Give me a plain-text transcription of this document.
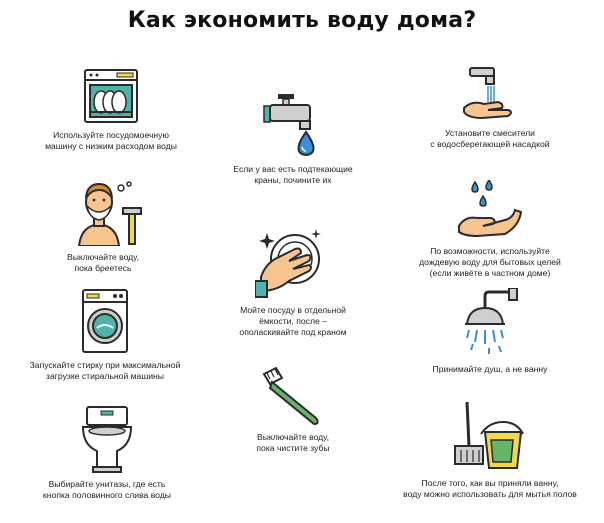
Как экономить воду дома?
Используйте посудомоечную
машину с низким расходом воды
Если у вас есть подтекающие
краны, почините их
Установите смесители
с водосберегающей насадкой
Выключайте воду,
пока бреетесь
Мойте посуду в отдельной
ёмкости, после –
ополаскивайте под краном
По возможности, используйте
дождевую воду для бытовых целей
(если живёте в частном доме)
Запускайте стирку при максимальной
загрузке стиральной машины
Выключайте воду,
пока чистите зубы
Принимайте душ, а не ванну
Выбирайте унитазы, где есть
кнопка половинного слива воды
После того, как вы приняли ванну,
воду можно использовать для мытья полов
